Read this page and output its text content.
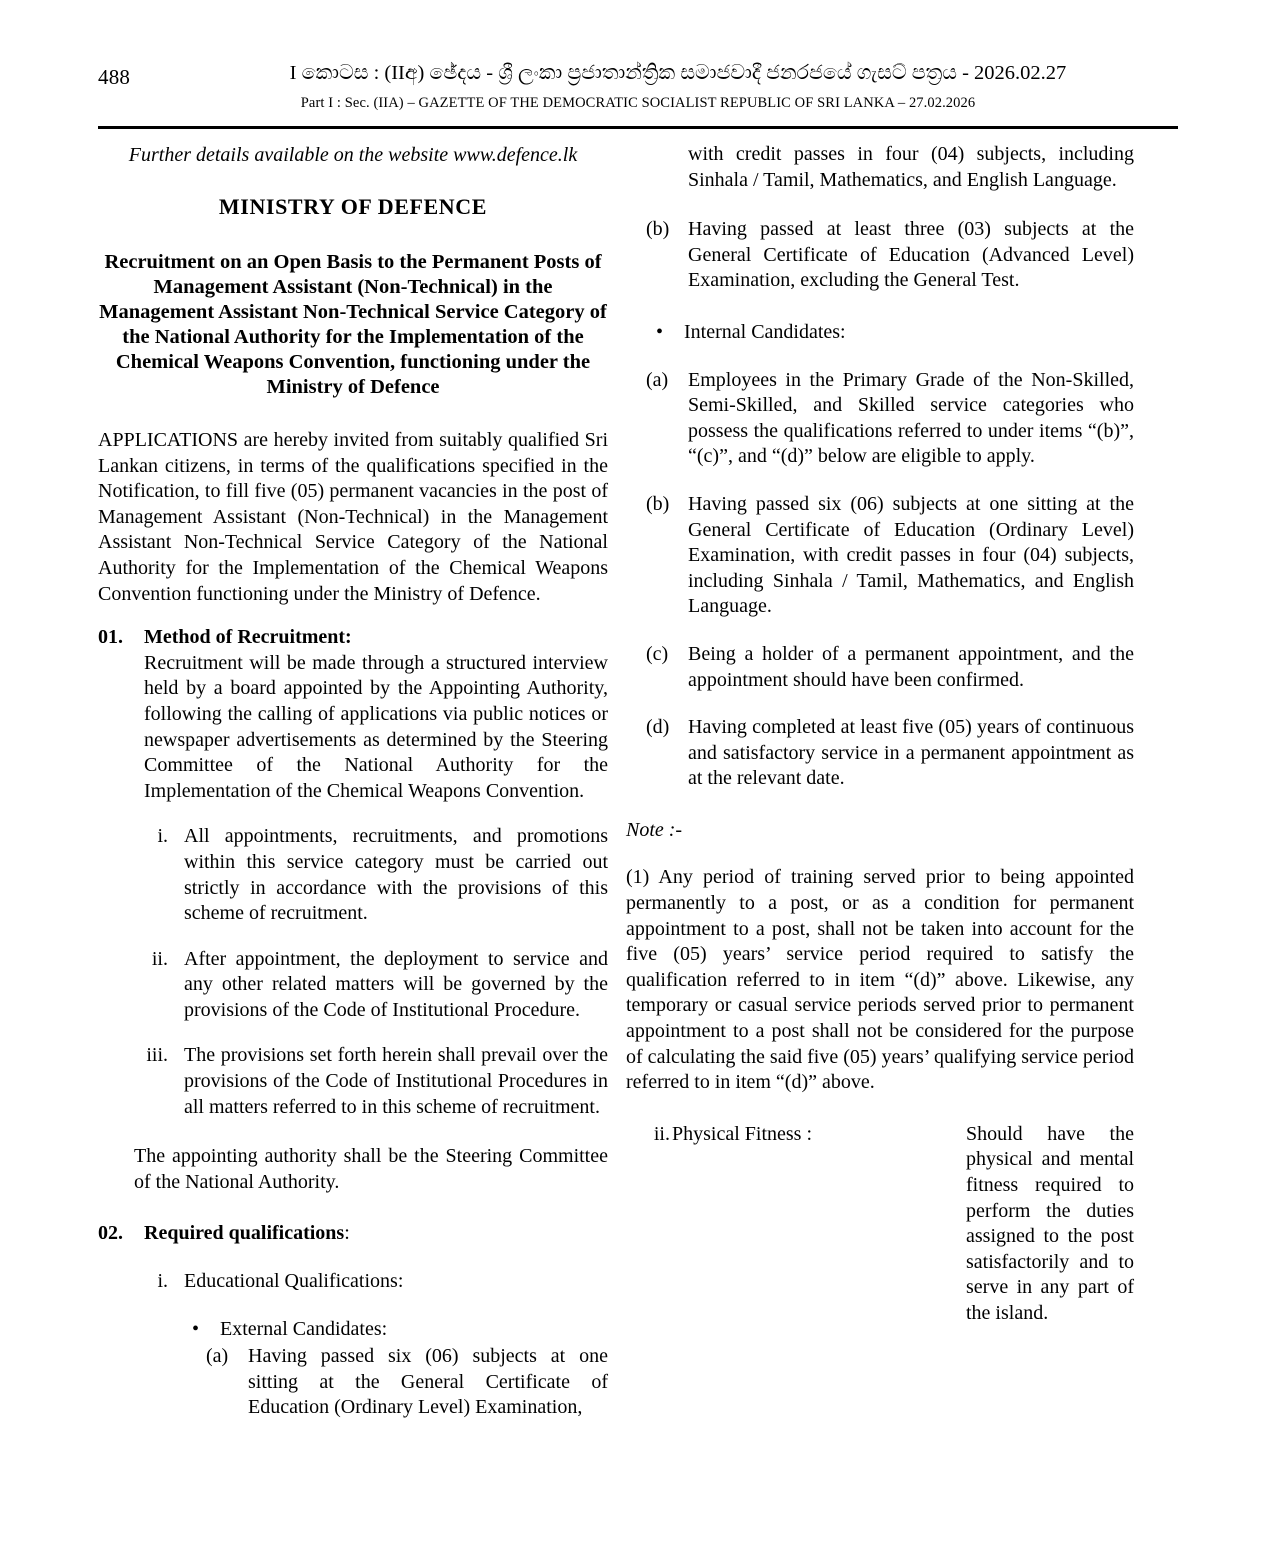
488	I කොටස : (IIඅ) ඡේදය - ශ්‍රී ලංකා ප්‍රජාතාන්ත්‍රික සමාජවාදී ජනරජයේ ගැසට් පත්‍රය - 2026.02.27
Part I : Sec. (IIA) – GAZETTE OF THE DEMOCRATIC SOCIALIST REPUBLIC OF SRI LANKA – 27.02.2026
Further details available on the website www.defence.lk
MINISTRY OF DEFENCE
Recruitment on an Open Basis to the Permanent Posts of Management Assistant (Non-Technical) in the Management Assistant Non-Technical Service Category of the National Authority for the Implementation of the Chemical Weapons Convention, functioning under the Ministry of Defence
APPLICATIONS are hereby invited from suitably qualified Sri Lankan citizens, in terms of the qualifications specified in the Notification, to fill five (05) permanent vacancies in the post of Management Assistant (Non-Technical) in the Management Assistant Non-Technical Service Category of the National Authority for the Implementation of the Chemical Weapons Convention functioning under the Ministry of Defence.
01. Method of Recruitment:
Recruitment will be made through a structured interview held by a board appointed by the Appointing Authority, following the calling of applications via public notices or newspaper advertisements as determined by the Steering Committee of the National Authority for the Implementation of the Chemical Weapons Convention.
i. All appointments, recruitments, and promotions within this service category must be carried out strictly in accordance with the provisions of this scheme of recruitment.
ii. After appointment, the deployment to service and any other related matters will be governed by the provisions of the Code of Institutional Procedure.
iii. The provisions set forth herein shall prevail over the provisions of the Code of Institutional Procedures in all matters referred to in this scheme of recruitment.
The appointing authority shall be the Steering Committee of the National Authority.
02. Required qualifications:
i. Educational Qualifications:
• External Candidates:
(a) Having passed six (06) subjects at one sitting at the General Certificate of Education (Ordinary Level) Examination,
with credit passes in four (04) subjects, including Sinhala / Tamil, Mathematics, and English Language.
(b) Having passed at least three (03) subjects at the General Certificate of Education (Advanced Level) Examination, excluding the General Test.
• Internal Candidates:
(a) Employees in the Primary Grade of the Non-Skilled, Semi-Skilled, and Skilled service categories who possess the qualifications referred to under items “(b)”, “(c)”, and “(d)” below are eligible to apply.
(b) Having passed six (06) subjects at one sitting at the General Certificate of Education (Ordinary Level) Examination, with credit passes in four (04) subjects, including Sinhala / Tamil, Mathematics, and English Language.
(c) Being a holder of a permanent appointment, and the appointment should have been confirmed.
(d) Having completed at least five (05) years of continuous and satisfactory service in a permanent appointment as at the relevant date.
Note :-
(1) Any period of training served prior to being appointed permanently to a post, or as a condition for permanent appointment to a post, shall not be taken into account for the five (05) years’ service period required to satisfy the qualification referred to in item “(d)” above. Likewise, any temporary or casual service periods served prior to permanent appointment to a post shall not be considered for the purpose of calculating the said five (05) years’ qualifying service period referred to in item “(d)” above.
ii. Physical Fitness :	Should have the physical and mental fitness required to perform the duties assigned to the post satisfactorily and to serve in any part of the island.
